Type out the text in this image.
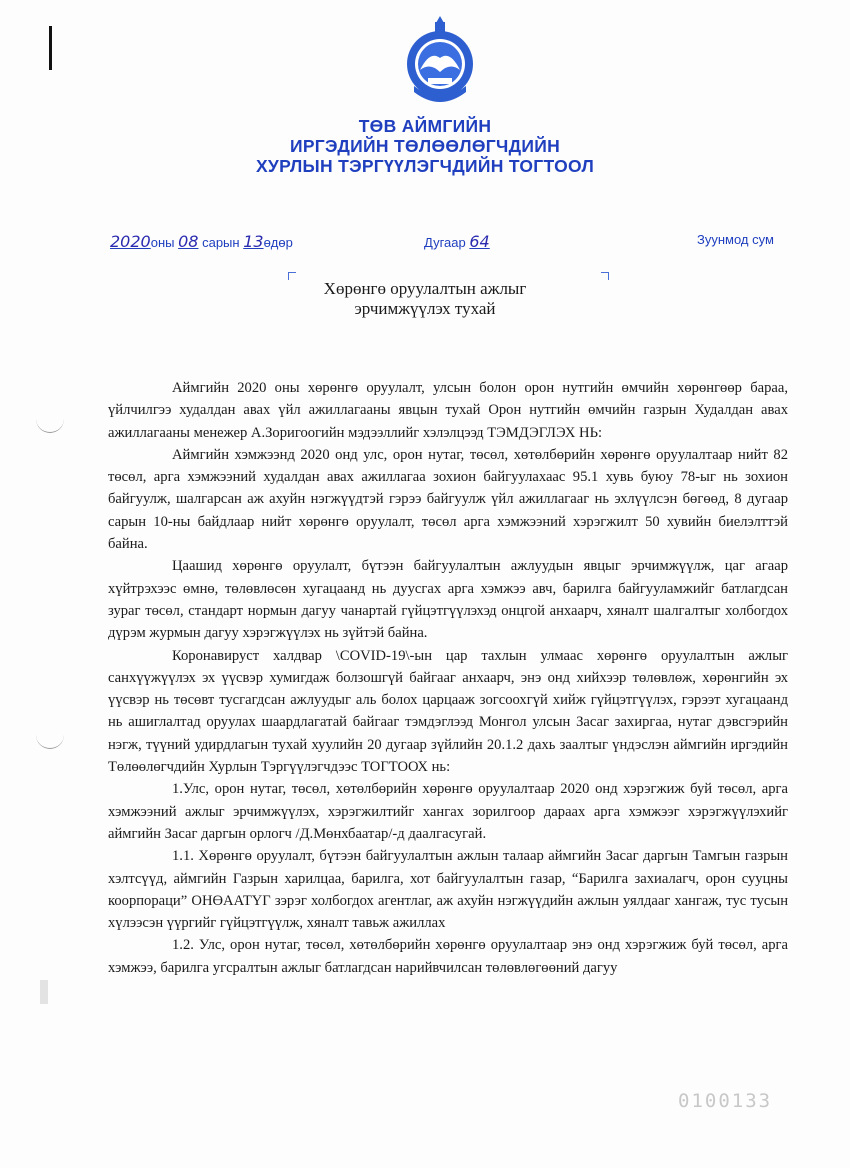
ТӨВ АЙМГИЙН
ИРГЭДИЙН ТӨЛӨӨЛӨГЧДИЙН
ХУРЛЫН ТЭРГҮҮЛЭГЧДИЙН ТОГТООЛ
2020оны 08 сарын 13өдөр	Дугаар 64	Зуунмод сум
Хөрөнгө оруулалтын ажлыг
эрчимжүүлэх тухай

Аймгийн 2020 оны хөрөнгө оруулалт, улсын болон орон нутгийн өмчийн хөрөнгөөр бараа, үйлчилгээ худалдан авах үйл ажиллагааны явцын тухай Орон нутгийн өмчийн газрын Худалдан авах ажиллагааны менежер А.Зоригоогийн мэдээллийг хэлэлцээд ТЭМДЭГЛЭХ НЬ:

Аймгийн хэмжээнд 2020 онд улс, орон нутаг, төсөл, хөтөлбөрийн хөрөнгө оруулалтаар нийт 82 төсөл, арга хэмжээний худалдан авах ажиллагаа зохион байгуулахаас 95.1 хувь буюу 78-ыг нь зохион байгуулж, шалгарсан аж ахуйн нэгжүүдтэй гэрээ байгуулж үйл ажиллагааг нь эхлүүлсэн бөгөөд, 8 дугаар сарын 10-ны байдлаар нийт хөрөнгө оруулалт, төсөл арга хэмжээний хэрэгжилт 50 хувийн биелэлттэй байна.

Цаашид хөрөнгө оруулалт, бүтээн байгуулалтын ажлуудын явцыг эрчимжүүлж, цаг агаар хүйтрэхээс өмнө, төлөвлөсөн хугацаанд нь дуусгах арга хэмжээ авч, барилга байгууламжийг батлагдсан зураг төсөл, стандарт нормын дагуу чанартай гүйцэтгүүлэхэд онцгой анхаарч, хяналт шалгалтыг холбогдох дүрэм журмын дагуу хэрэгжүүлэх нь зүйтэй байна.

Коронавируст халдвар \COVID-19\-ын цар тахлын улмаас хөрөнгө оруулалтын ажлыг санхүүжүүлэх эх үүсвэр хумигдаж болзошгүй байгааг анхаарч, энэ онд хийхээр төлөвлөж, хөрөнгийн эх үүсвэр нь төсөвт тусгагдсан ажлуудыг аль болох царцааж зогсоохгүй хийж гүйцэтгүүлэх, гэрээт хугацаанд нь ашиглалтад оруулах шаардлагатай байгааг тэмдэглээд Монгол улсын Засаг захиргаа, нутаг дэвсгэрийн нэгж, түүний удирдлагын тухай хуулийн 20 дугаар зүйлийн 20.1.2 дахь заалтыг үндэслэн аймгийн иргэдийн Төлөөлөгчдийн Хурлын Тэргүүлэгчдээс ТОГТООХ нь:

1.Улс, орон нутаг, төсөл, хөтөлбөрийн хөрөнгө оруулалтаар 2020 онд хэрэгжиж буй төсөл, арга хэмжээний ажлыг эрчимжүүлэх, хэрэгжилтийг хангах зорилгоор дараах арга хэмжээг хэрэгжүүлэхийг аймгийн Засаг даргын орлогч /Д.Мөнхбаатар/-д даалгасугай.

1.1. Хөрөнгө оруулалт, бүтээн байгуулалтын ажлын талаар аймгийн Засаг даргын Тамгын газрын хэлтсүүд, аймгийн Газрын харилцаа, барилга, хот байгуулалтын газар, “Барилга захиалагч, орон сууцны коорпораци” ОНӨААТҮГ зэрэг холбогдох агентлаг, аж ахуйн нэгжүүдийн ажлын уялдааг хангаж, тус тусын хүлээсэн үүргийг гүйцэтгүүлж, хяналт тавьж ажиллах

1.2. Улс, орон нутаг, төсөл, хөтөлбөрийн хөрөнгө оруулалтаар энэ онд хэрэгжиж буй төсөл, арга хэмжээ, барилга угсралтын ажлыг батлагдсан нарийвчилсан төлөвлөгөөний дагуу

0100133
